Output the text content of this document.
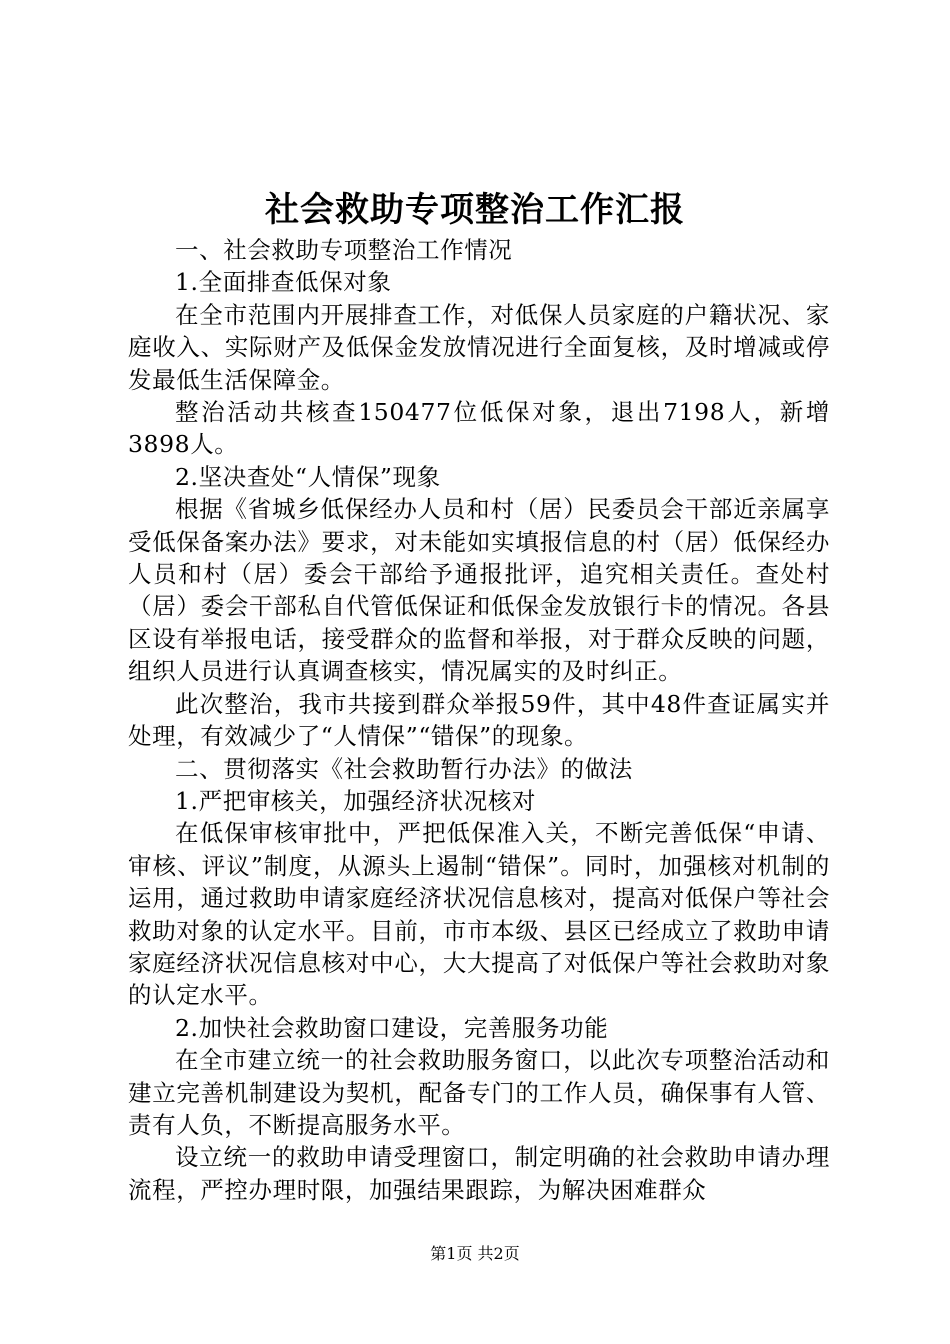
社会救助专项整治工作汇报

一、社会救助专项整治工作情况

1.全面排查低保对象

在全市范围内开展排查工作，对低保人员家庭的户籍状况、家庭收入、实际财产及低保金发放情况进行全面复核，及时增减或停发最低生活保障金。

整治活动共核查150477位低保对象，退出7198人，新增3898人。

2.坚决查处“人情保”现象

根据《省城乡低保经办人员和村（居）民委员会干部近亲属享受低保备案办法》要求，对未能如实填报信息的村（居）低保经办人员和村（居）委会干部给予通报批评，追究相关责任。查处村（居）委会干部私自代管低保证和低保金发放银行卡的情况。各县区设有举报电话，接受群众的监督和举报，对于群众反映的问题，组织人员进行认真调查核实，情况属实的及时纠正。

此次整治，我市共接到群众举报59件，其中48件查证属实并处理，有效减少了“人情保”“错保”的现象。

二、贯彻落实《社会救助暂行办法》的做法

1.严把审核关，加强经济状况核对

在低保审核审批中，严把低保准入关，不断完善低保“申请、审核、评议”制度，从源头上遏制“错保”。同时，加强核对机制的运用，通过救助申请家庭经济状况信息核对，提高对低保户等社会救助对象的认定水平。目前，市市本级、县区已经成立了救助申请家庭经济状况信息核对中心，大大提高了对低保户等社会救助对象的认定水平。

2.加快社会救助窗口建设，完善服务功能

在全市建立统一的社会救助服务窗口，以此次专项整治活动和建立完善机制建设为契机，配备专门的工作人员，确保事有人管、责有人负，不断提高服务水平。

设立统一的救助申请受理窗口，制定明确的社会救助申请办理流程，严控办理时限，加强结果跟踪，为解决困难群众

第1页 共2页
